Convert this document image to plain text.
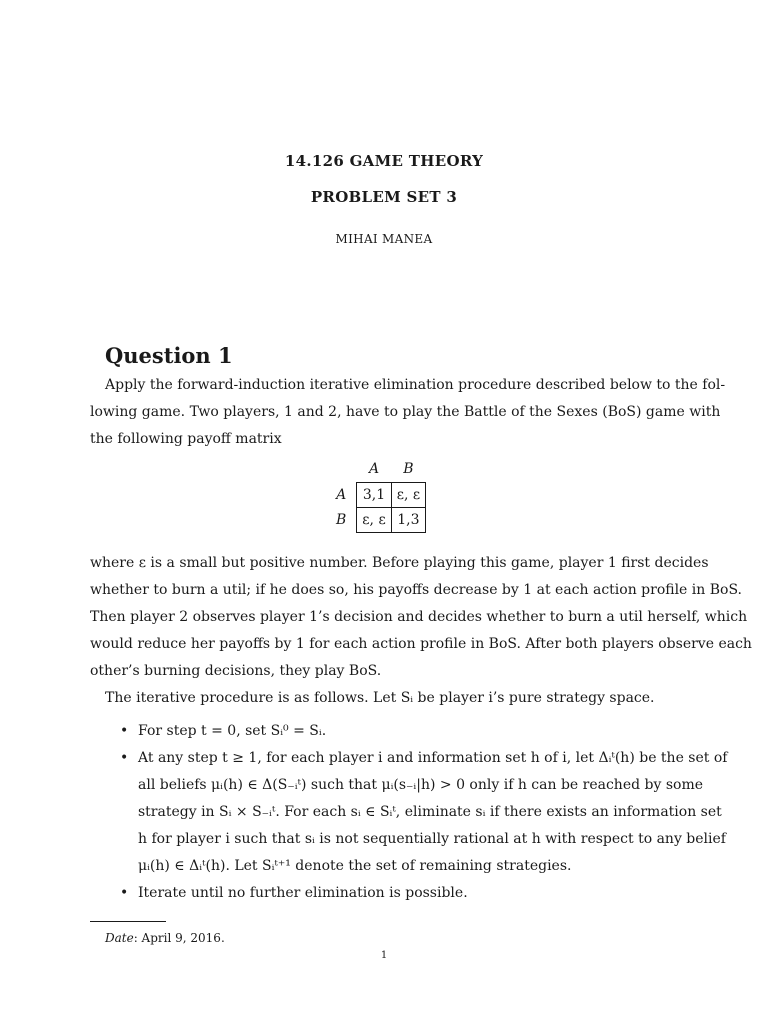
14.126 GAME THEORY
PROBLEM SET 3
MIHAI MANEA
Question 1
Apply the forward-induction iterative elimination procedure described below to the fol-
lowing game. Two players, 1 and 2, have to play the Battle of the Sexes (BoS) game with
the following payoff matrix
	A	B
A	3,1	ε, ε
B	ε, ε	1,3
where ε is a small but positive number. Before playing this game, player 1 first decides
whether to burn a util; if he does so, his payoffs decrease by 1 at each action profile in BoS.
Then player 2 observes player 1’s decision and decides whether to burn a util herself, which
would reduce her payoffs by 1 for each action profile in BoS. After both players observe each
other’s burning decisions, they play BoS.
The iterative procedure is as follows. Let Sᵢ be player i’s pure strategy space.
• For step t = 0, set Sᵢ⁰ = Sᵢ.
• At any step t ≥ 1, for each player i and information set h of i, let Δᵢᵗ(h) be the set of
all beliefs μᵢ(h) ∈ Δ(S₋ᵢᵗ) such that μᵢ(s₋ᵢ|h) > 0 only if h can be reached by some
strategy in Sᵢ × S₋ᵢᵗ. For each sᵢ ∈ Sᵢᵗ, eliminate sᵢ if there exists an information set
h for player i such that sᵢ is not sequentially rational at h with respect to any belief
μᵢ(h) ∈ Δᵢᵗ(h). Let Sᵢᵗ⁺¹ denote the set of remaining strategies.
• Iterate until no further elimination is possible.
Date: April 9, 2016.
1
